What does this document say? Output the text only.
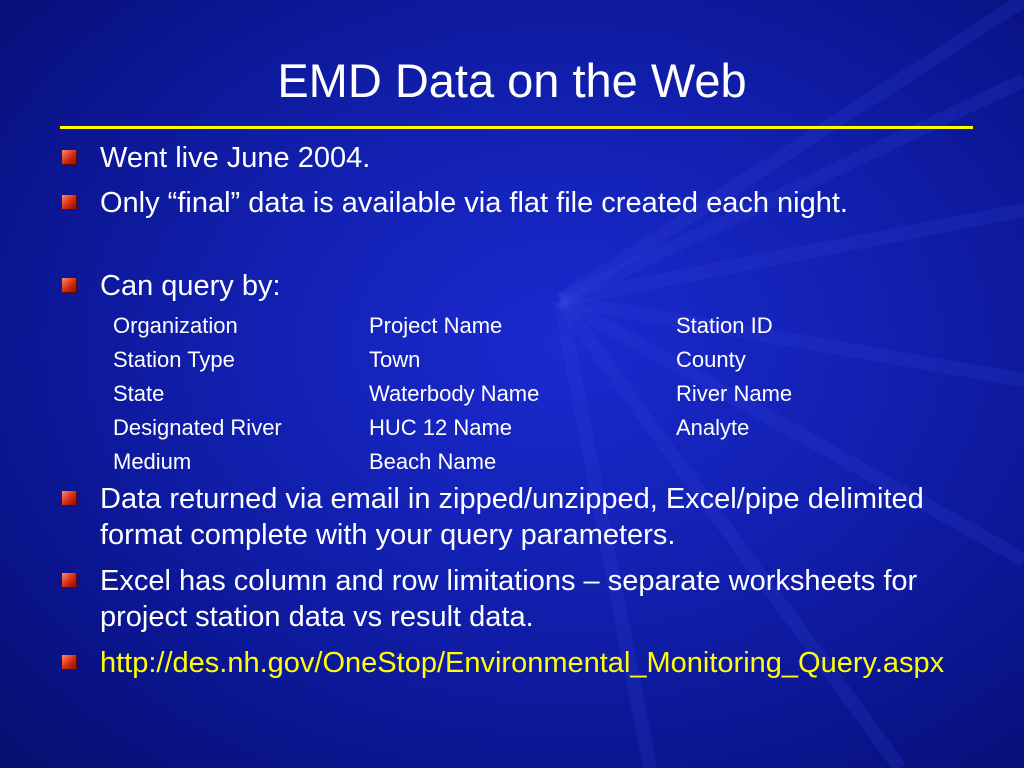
EMD Data on the Web
Went live June 2004.
Only “final” data is available via flat file created each night.
Can query by:
Organization	Project Name	Station ID
Station Type	Town	County
State	Waterbody Name	River Name
Designated River	HUC 12 Name	Analyte
Medium	Beach Name
Data returned via email in zipped/unzipped, Excel/pipe delimited format complete with your query parameters.
Excel has column and row limitations – separate worksheets for project station data vs result data.
http://des.nh.gov/OneStop/Environmental_Monitoring_Query.aspx
